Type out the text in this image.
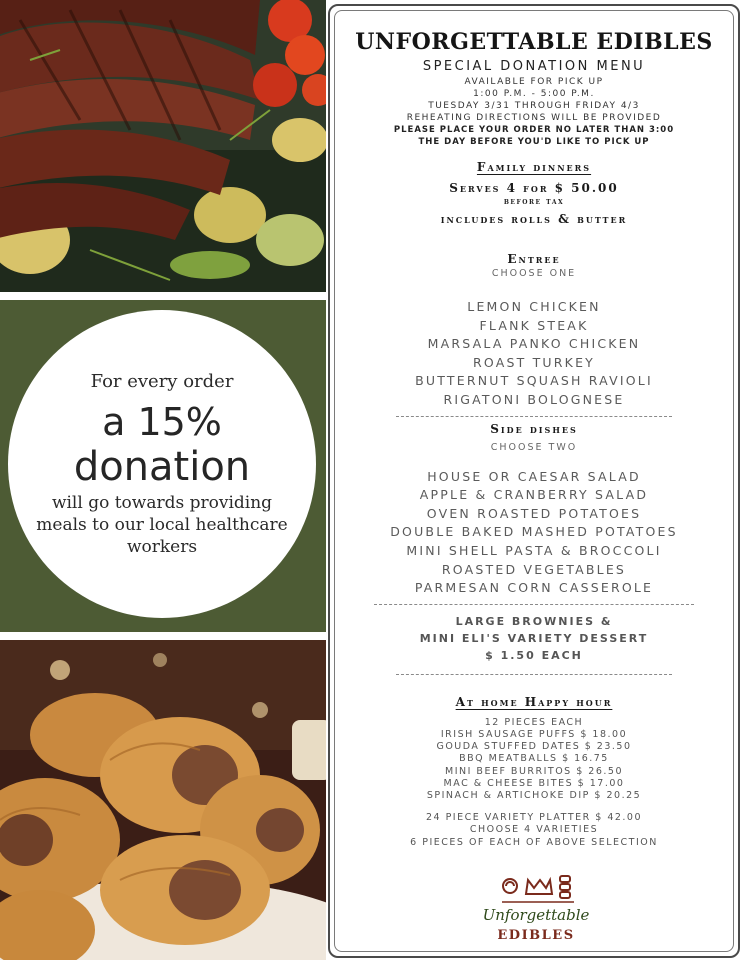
For every order
a 15%
donation
will go towards providing meals to our local healthcare workers
UNFORGETTABLE EDIBLES
SPECIAL DONATION MENU
AVAILABLE FOR PICK UP
1:00 P.M. - 5:00 P.M.
TUESDAY 3/31 THROUGH FRIDAY 4/3
REHEATING DIRECTIONS WILL BE PROVIDED
PLEASE PLACE YOUR ORDER NO LATER THAN 3:00
THE DAY BEFORE YOU'D LIKE TO PICK UP
Family dinners
Serves 4 for $ 50.00
before tax
includes rolls & butter
Entree
CHOOSE ONE
LEMON CHICKEN
FLANK STEAK
MARSALA PANKO CHICKEN
ROAST TURKEY
BUTTERNUT SQUASH RAVIOLI
RIGATONI BOLOGNESE
Side dishes
CHOOSE TWO
HOUSE OR CAESAR SALAD
APPLE & CRANBERRY SALAD
OVEN ROASTED POTATOES
DOUBLE BAKED MASHED POTATOES
MINI SHELL PASTA & BROCCOLI
ROASTED VEGETABLES
PARMESAN CORN CASSEROLE
LARGE BROWNIES &
MINI ELI'S VARIETY DESSERT
$ 1.50 EACH
At home Happy hour
12 PIECES EACH
IRISH SAUSAGE PUFFS $ 18.00
GOUDA STUFFED DATES $ 23.50
BBQ MEATBALLS $ 16.75
MINI BEEF BURRITOS $ 26.50
MAC & CHEESE BITES $ 17.00
SPINACH & ARTICHOKE DIP $ 20.25
24 PIECE VARIETY PLATTER $ 42.00
CHOOSE 4 VARIETIES
6 PIECES OF EACH OF ABOVE SELECTION
Unforgettable
EDIBLES
